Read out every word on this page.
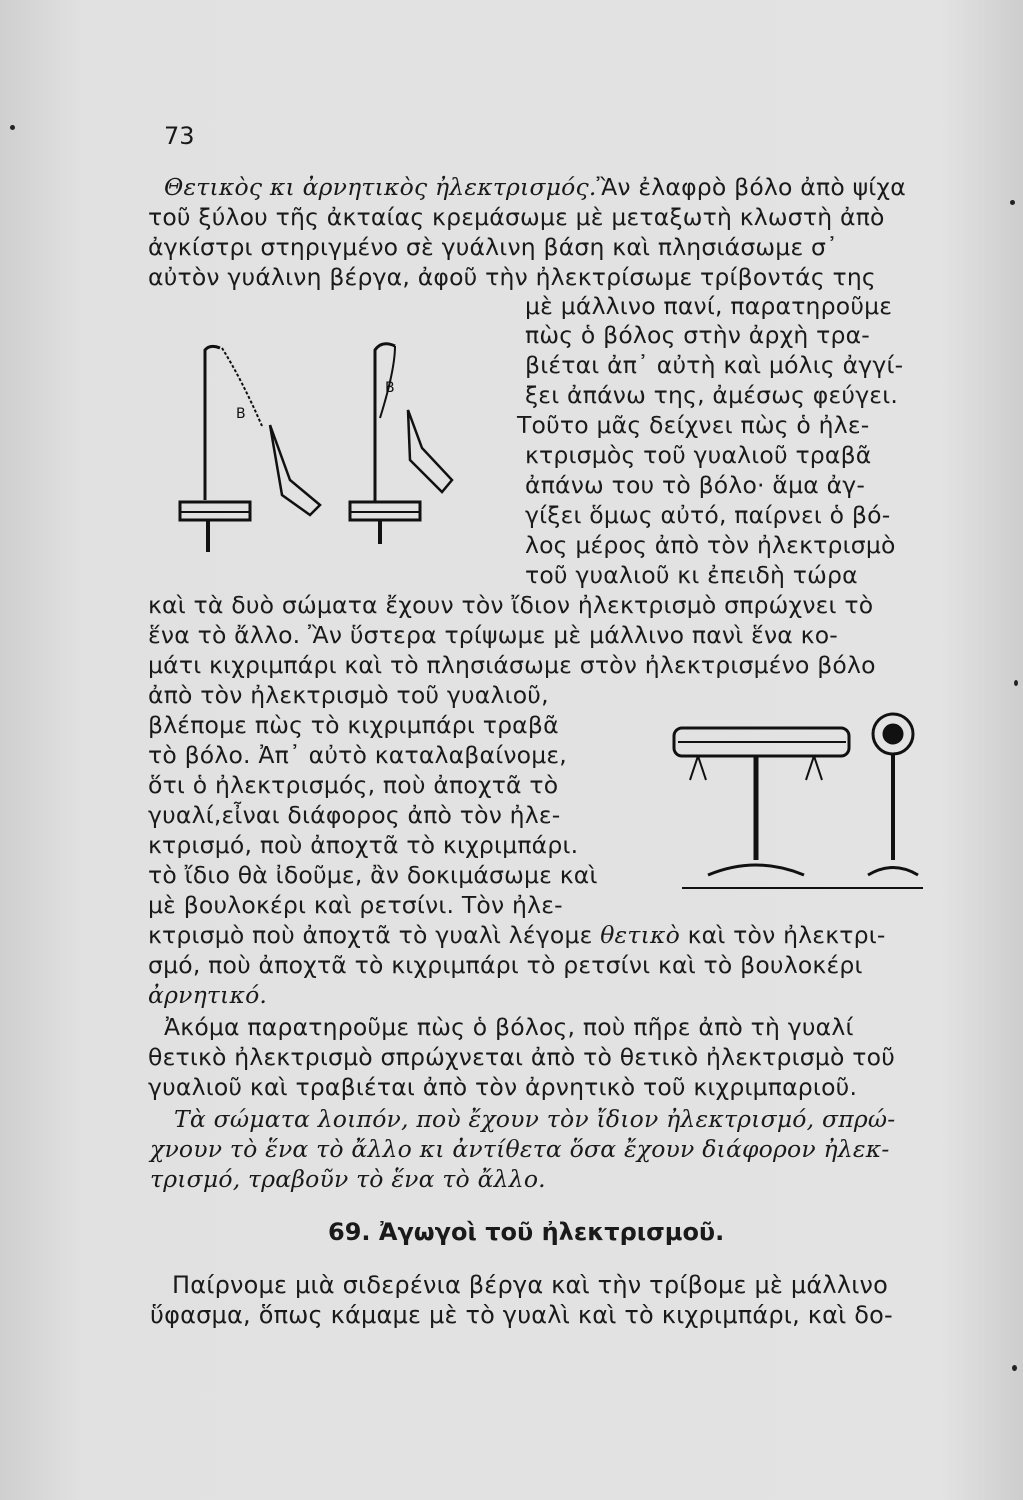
73
Θετικὸς κι ἀρνητικὸς ἠλεκτρισμός.Ἂν ἐλαφρὸ βόλο ἀπὸ ψίχα
τοῦ ξύλου τῆς ἀκταίας κρεμάσωμε μὲ μεταξωτὴ κλωστὴ ἀπὸ
ἀγκίστρι στηριγμένο σὲ γυάλινη βάση καὶ πλησιάσωμε σ᾽
αὐτὸν γυάλινη βέργα, ἀφοῦ τὴν ἠλεκτρίσωμε τρίβοντάς της
μὲ μάλλινο πανί, παρατηροῦμε
πὼς ὁ βόλος στὴν ἀρχὴ τρα-
βιέται ἀπ᾽ αὐτὴ καὶ μόλις ἀγγί-
ξει ἀπάνω της, ἀμέσως φεύγει.
Τοῦτο μᾶς δείχνει πὼς ὁ ἠλε-
κτρισμὸς τοῦ γυαλιοῦ τραβᾶ
ἀπάνω του τὸ βόλο· ἅμα ἀγ-
γίξει ὅμως αὐτό, παίρνει ὁ βό-
λος μέρος ἀπὸ τὸν ἠλεκτρισμὸ
τοῦ γυαλιοῦ κι ἐπειδὴ τώρα
καὶ τὰ δυὸ σώματα ἔχουν τὸν ἴδιον ἠλεκτρισμὸ σπρώχνει τὸ
ἕνα τὸ ἄλλο. Ἂν ὕστερα τρίψωμε μὲ μάλλινο πανὶ ἕνα κο-
μάτι κιχριμπάρι καὶ τὸ πλησιάσωμε στὸν ἠλεκτρισμένο βόλο
ἀπὸ τὸν ἠλεκτρισμὸ τοῦ γυαλιοῦ,
βλέπομε πὼς τὸ κιχριμπάρι τραβᾶ
τὸ βόλο. Ἀπ᾽ αὐτὸ καταλαβαίνομε,
ὅτι ὁ ἠλεκτρισμός, ποὺ ἀποχτᾶ τὸ
γυαλί,εἶναι διάφορος ἀπὸ τὸν ἠλε-
κτρισμό, ποὺ ἀποχτᾶ τὸ κιχριμπάρι.
τὸ ἴδιο θὰ ἰδοῦμε, ἂν δοκιμάσωμε καὶ
μὲ βουλοκέρι καὶ ρετσίνι. Τὸν ἠλε-
κτρισμὸ ποὺ ἀποχτᾶ τὸ γυαλὶ λέγομε θετικὸ καὶ τὸν ἠλεκτρι-
σμό, ποὺ ἀποχτᾶ τὸ κιχριμπάρι τὸ ρετσίνι καὶ τὸ βουλοκέρι
ἀρνητικό.
Ἀκόμα παρατηροῦμε πὼς ὁ βόλος, ποὺ πῆρε ἀπὸ τὴ γυαλί
θετικὸ ἠλεκτρισμὸ σπρώχνεται ἀπὸ τὸ θετικὸ ἠλεκτρισμὸ τοῦ
γυαλιοῦ καὶ τραβιέται ἀπὸ τὸν ἀρνητικὸ τοῦ κιχριμπαριοῦ.
Τὰ σώματα λοιπόν, ποὺ ἔχουν τὸν ἴδιον ἠλεκτρισμό, σπρώ-
χνουν τὸ ἕνα τὸ ἄλλο κι ἀντίθετα ὅσα ἔχουν διάφορον ἠλεκ-
τρισμό, τραβοῦν τὸ ἕνα τὸ ἄλλο.
69. Ἀγωγοὶ τοῦ ἠλεκτρισμοῦ.
Παίρνομε μιὰ σιδερένια βέργα καὶ τὴν τρίβομε μὲ μάλλινο
ὕφασμα, ὅπως κάμαμε μὲ τὸ γυαλὶ καὶ τὸ κιχριμπάρι, καὶ δο-
B
B
